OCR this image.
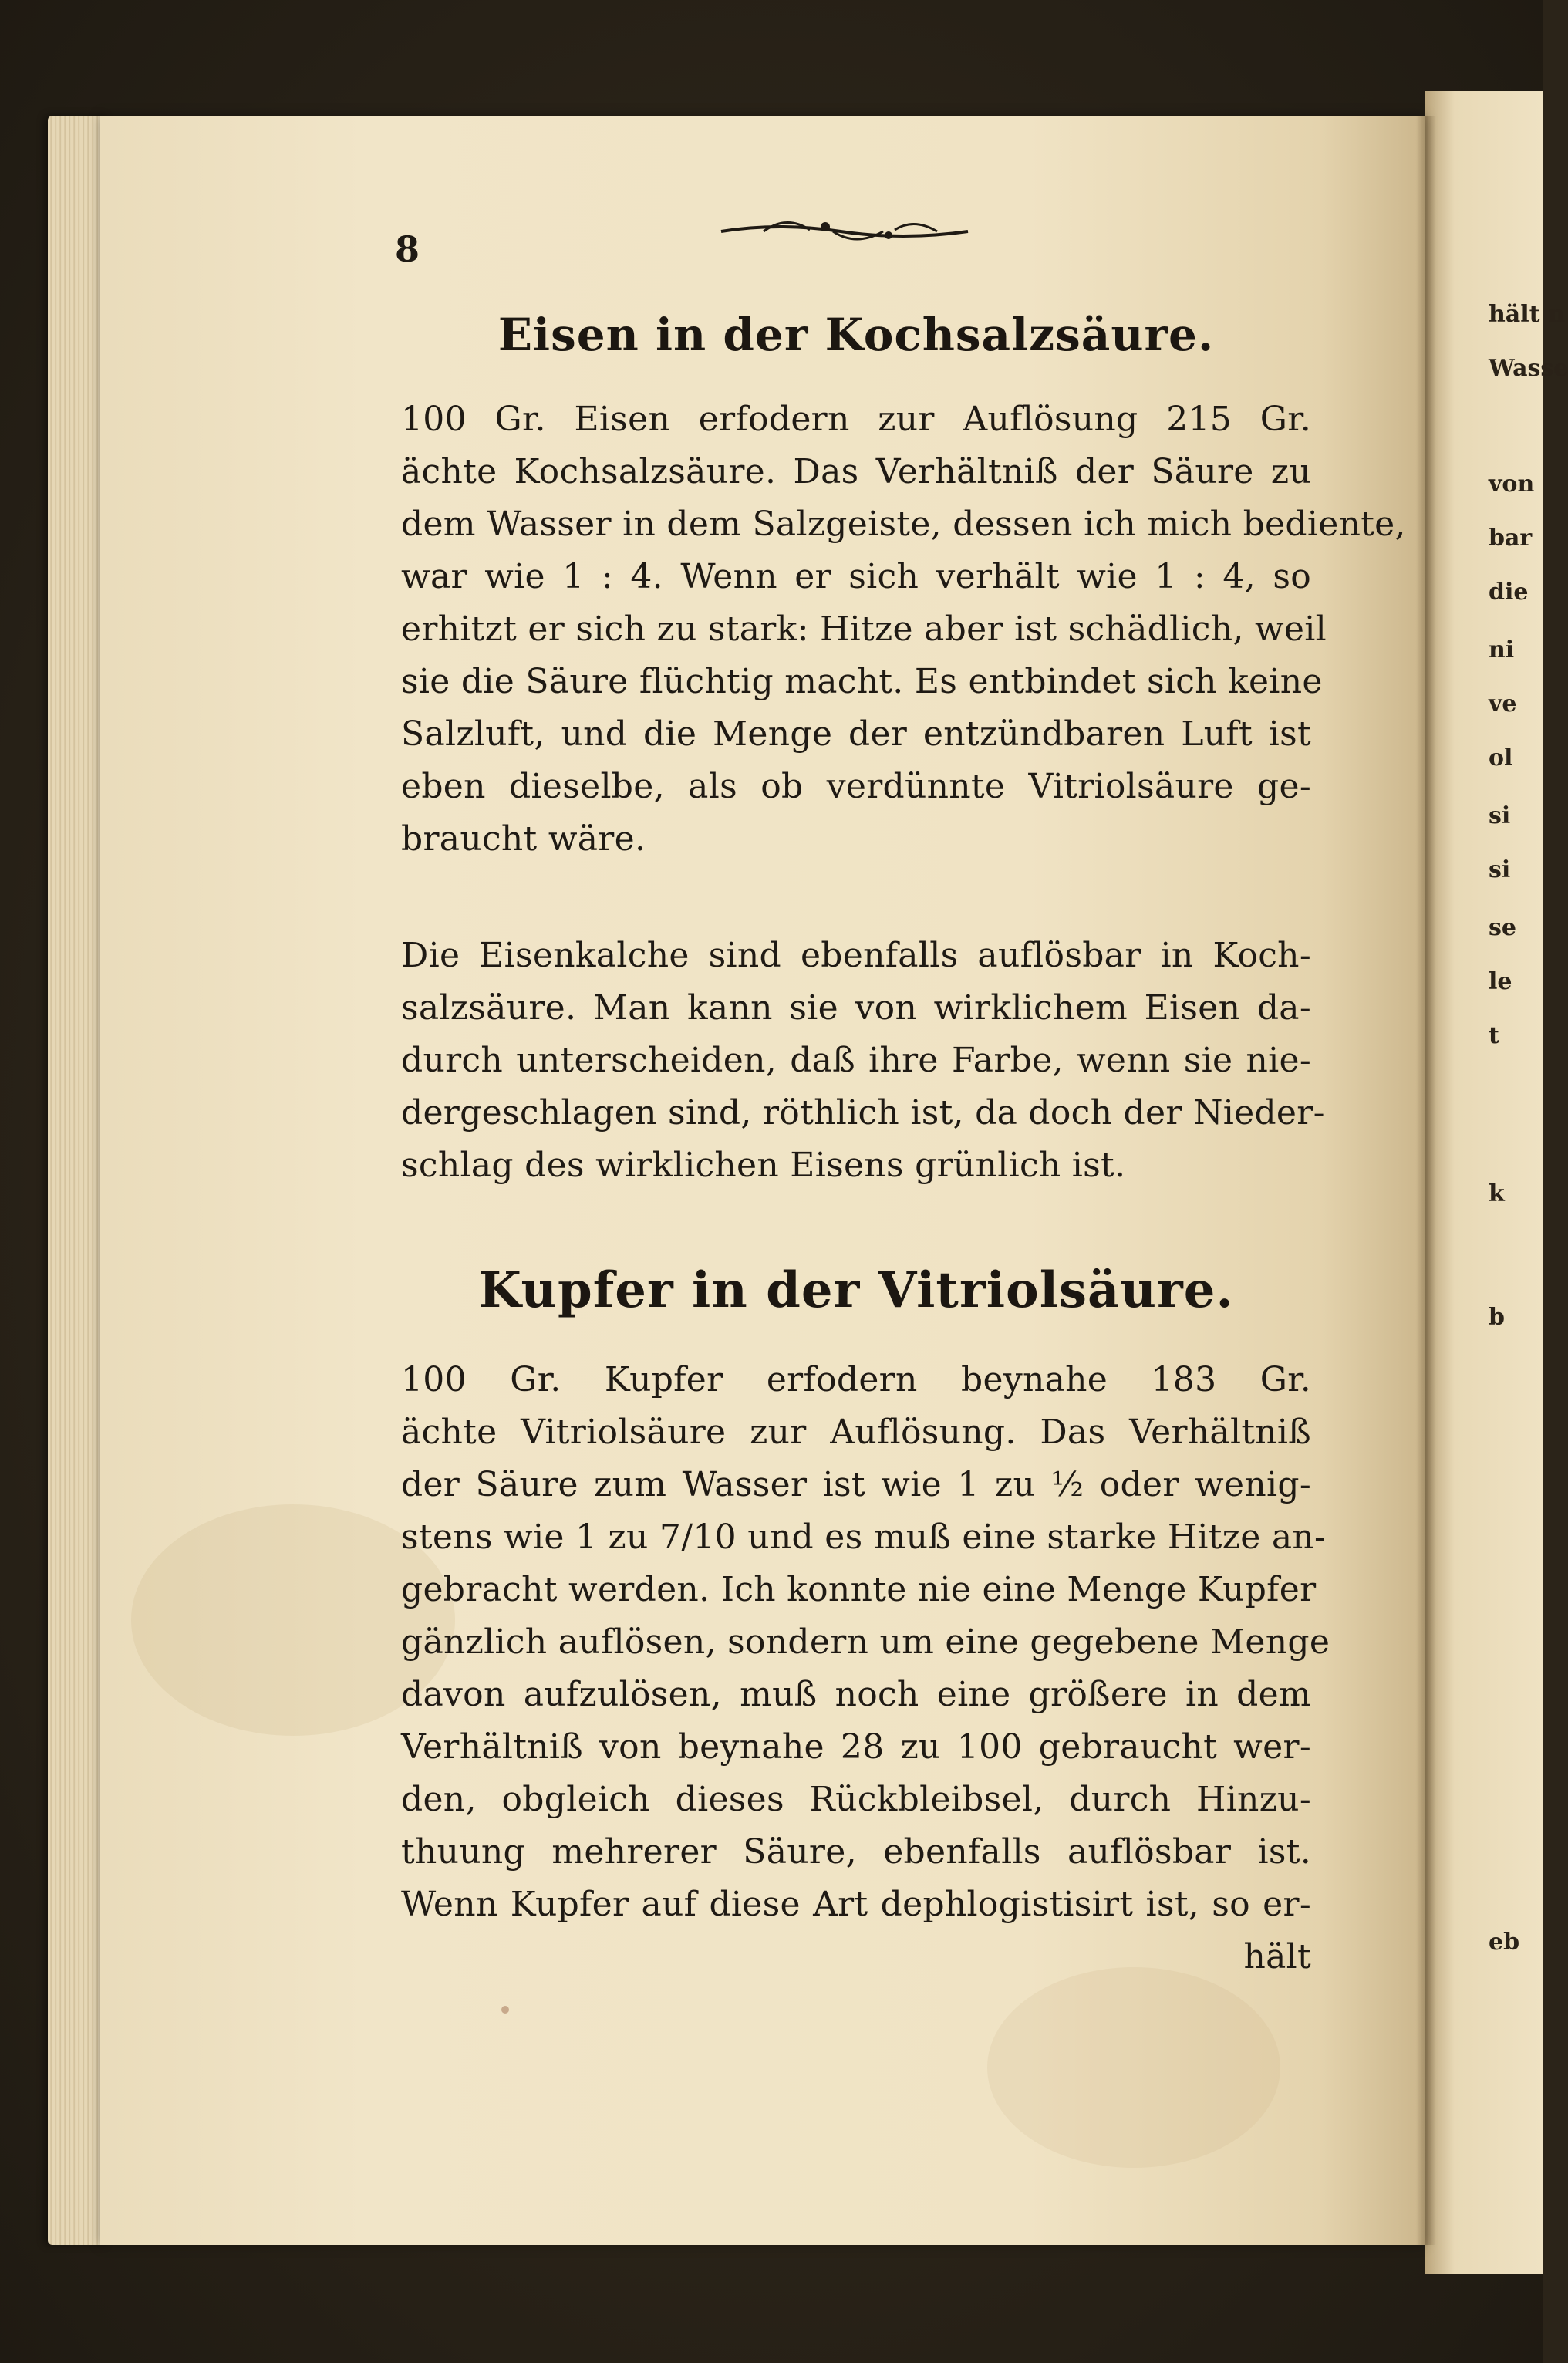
8
Eisen in der Kochsalzsäure.
100 Gr. Eisen erfodern zur Auflösung 215 Gr.
ächte Kochsalzsäure. Das Verhältniß der Säure zu
dem Wasser in dem Salzgeiste, dessen ich mich bediente,
war wie 1 : 4. Wenn er sich verhält wie 1 : 4, so
erhitzt er sich zu stark: Hitze aber ist schädlich, weil
sie die Säure flüchtig macht. Es entbindet sich keine
Salzluft, und die Menge der entzündbaren Luft ist
eben dieselbe, als ob verdünnte Vitriolsäure ge-
braucht wäre.
Die Eisenkalche sind ebenfalls auflösbar in Koch-
salzsäure. Man kann sie von wirklichem Eisen da-
durch unterscheiden, daß ihre Farbe, wenn sie nie-
dergeschlagen sind, röthlich ist, da doch der Nieder-
schlag des wirklichen Eisens grünlich ist.
Kupfer in der Vitriolsäure.
100 Gr. Kupfer erfodern beynahe 183 Gr.
ächte Vitriolsäure zur Auflösung. Das Verhältniß
der Säure zum Wasser ist wie 1 zu ½ oder wenig-
stens wie 1 zu 7/10 und es muß eine starke Hitze an-
gebracht werden. Ich konnte nie eine Menge Kupfer
gänzlich auflösen, sondern um eine gegebene Menge
davon aufzulösen, muß noch eine größere in dem
Verhältniß von beynahe 28 zu 100 gebraucht wer-
den, obgleich dieses Rückbleibsel, durch Hinzu-
thuung mehrerer Säure, ebenfalls auflösbar ist.
Wenn Kupfer auf diese Art dephlogistisirt ist, so er-
hält
hält n
Wasse
von
bar
die
ni
ve
ol
si
si
se
le
t
k
b
eb
